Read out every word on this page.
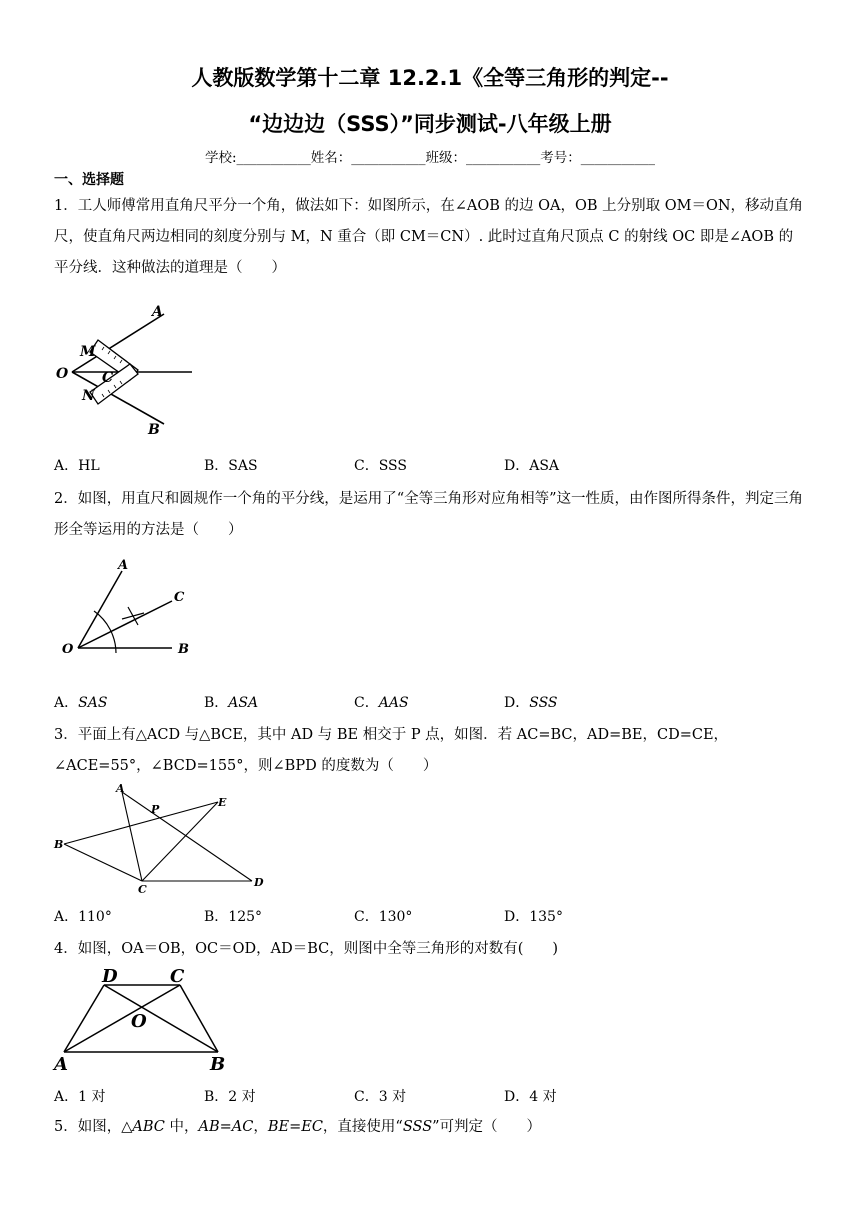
人教版数学第十二章 12.2.1《全等三角形的判定--
“边边边（SSS）”同步测试-八年级上册
学校:___________姓名：___________班级：___________考号：___________
一、选择题
1．工人师傅常用直角尺平分一个角，做法如下：如图所示，在∠AOB 的边 OA，OB 上分别取 OM＝ON，移动直角尺，使直角尺两边相同的刻度分别与 M，N 重合（即 CM＝CN）. 此时过直角尺顶点 C 的射线 OC 即是∠AOB 的平分线．这种做法的道理是（　　）
A
M
O C
N
B
A．HL	B．SAS	C．SSS	D．ASA
2．如图，用直尺和圆规作一个角的平分线，是运用了“全等三角形对应角相等”这一性质，由作图所得条件，判定三角形全等运用的方法是（　　）
A
C
O	B
A．SAS	B．ASA	C．AAS	D．SSS
3．平面上有△ACD 与△BCE，其中 AD 与 BE 相交于 P 点，如图．若 AC=BC，AD=BE，CD=CE，∠ACE=55°，∠BCD=155°，则∠BPD 的度数为（　　）
A
P
E
B
C
D
A．110°	B．125°	C．130°	D．135°
4．如图，OA＝OB，OC＝OD，AD＝BC，则图中全等三角形的对数有(　　)
D	C
O
A	B
A．1 对	B．2 对	C．3 对	D．4 对
5．如图，△ABC 中，AB=AC，BE=EC，直接使用“SSS”可判定（　　）
